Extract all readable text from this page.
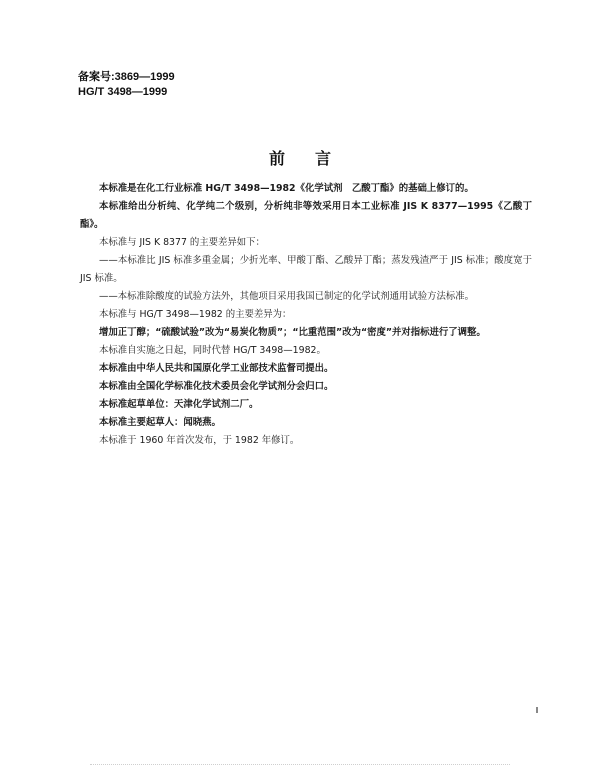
备案号:3869—1999
HG/T 3498—1999
前言

本标准是在化工行业标准 HG/T 3498—1982《化学试剂　乙酸丁酯》的基础上修订的。

本标准给出分析纯、化学纯二个级别，分析纯非等效采用日本工业标准 JIS K 8377—1995《乙酸丁酯》。

本标准与 JIS K 8377 的主要差异如下：

——本标准比 JIS 标准多重金属；少折光率、甲酸丁酯、乙酸异丁酯；蒸发残渣严于 JIS 标准；酸度宽于 JIS 标准。

——本标准除酸度的试验方法外，其他项目采用我国已制定的化学试剂通用试验方法标准。

本标准与 HG/T 3498—1982 的主要差异为：

增加正丁醇；“硫酸试验”改为“易炭化物质”；“比重范围”改为“密度”并对指标进行了调整。

本标准自实施之日起，同时代替 HG/T 3498—1982。

本标准由中华人民共和国原化学工业部技术监督司提出。

本标准由全国化学标准化技术委员会化学试剂分会归口。

本标准起草单位：天津化学试剂二厂。

本标准主要起草人：闻晓燕。

本标准于 1960 年首次发布，于 1982 年修订。
